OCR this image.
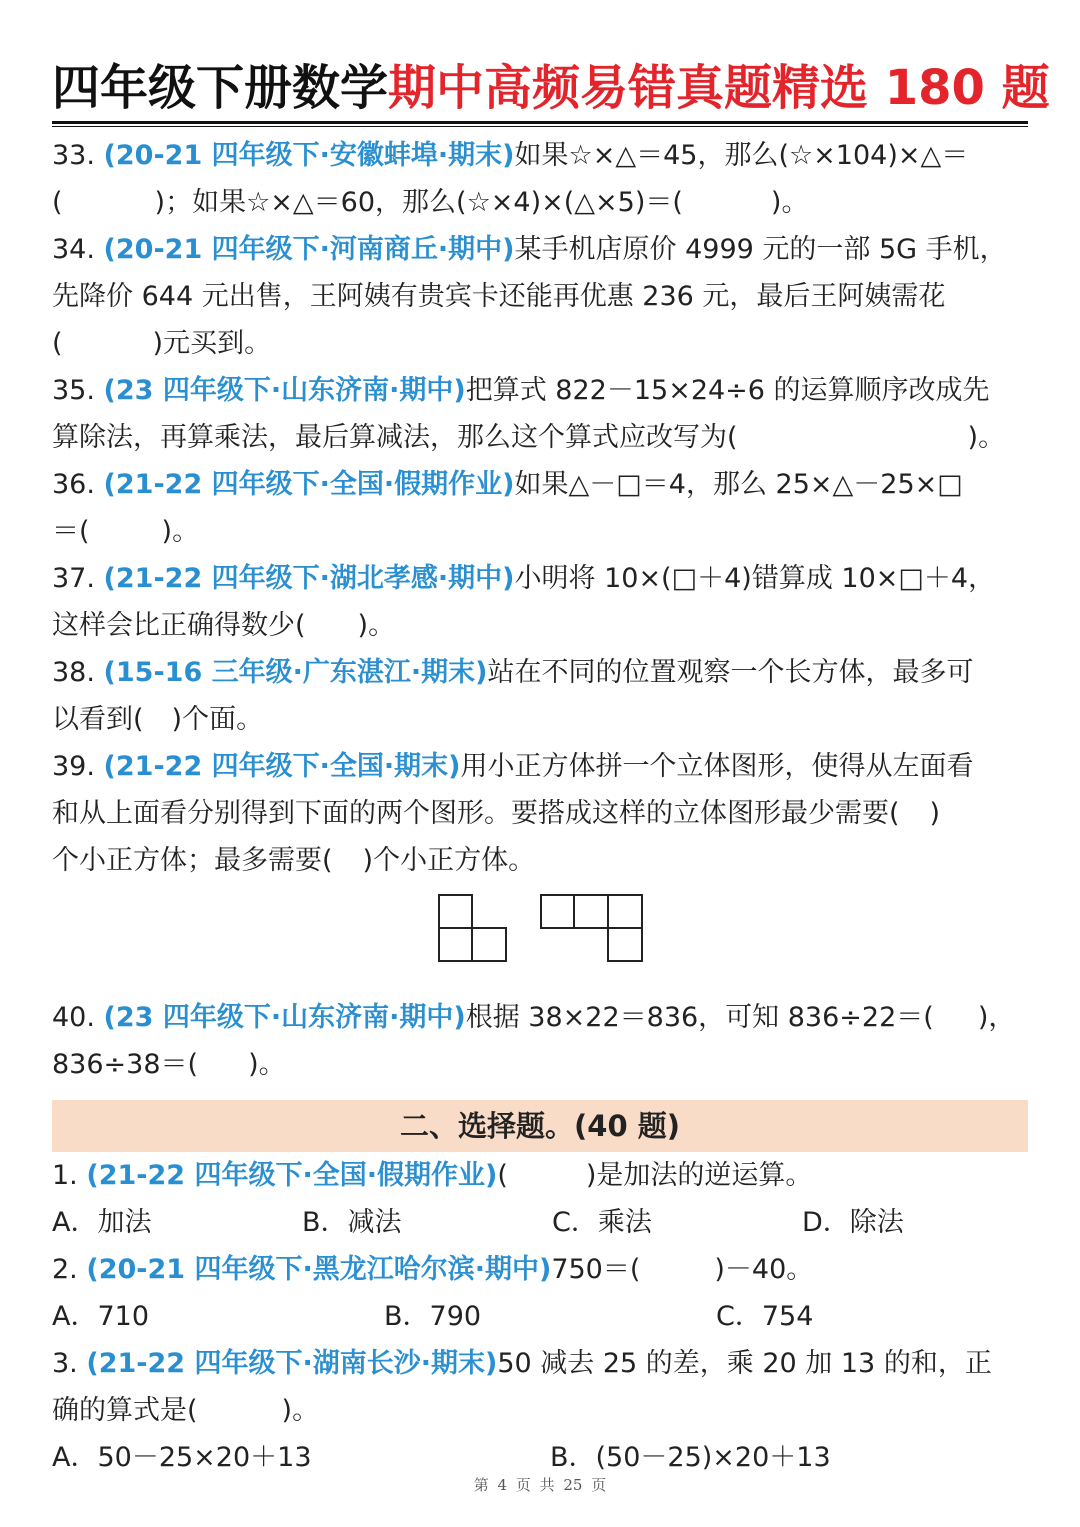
四年级下册数学期中高频易错真题精选 180 题

33. (20-21 四年级下·安徽蚌埠·期末)如果☆×△＝45，那么(☆×104)×△＝

(	)；如果☆×△＝60，那么(☆×4)×(△×5)＝(	)。

34. (20-21 四年级下·河南商丘·期中)某手机店原价 4999 元的一部 5G 手机，

先降价 644 元出售，王阿姨有贵宾卡还能再优惠 236 元，最后王阿姨需花

(	)元买到。

35. (23 四年级下·山东济南·期中)把算式 822－15×24÷6 的运算顺序改成先

算除法，再算乘法，最后算减法，那么这个算式应改写为(	)。

36. (21-22 四年级下·全国·假期作业)如果△－□＝4，那么 25×△－25×□

＝(	)。

37. (21-22 四年级下·湖北孝感·期中)小明将 10×(□＋4)错算成 10×□＋4，

这样会比正确得数少( )。

38. (15-16 三年级·广东湛江·期末)站在不同的位置观察一个长方体，最多可

以看到( )个面。

39. (21-22 四年级下·全国·期末)用小正方体拼一个立体图形，使得从左面看

和从上面看分别得到下面的两个图形。要搭成这样的立体图形最少需要( )

个小正方体；最多需要( )个小正方体。

40. (23 四年级下·山东济南·期中)根据 38×22＝836，可知 836÷22＝( )，

836÷38＝( )。

二、选择题。(40 题)

1. (21-22 四年级下·全国·假期作业)(	)是加法的逆运算。

A．加法	B．减法	C．乘法	D．除法

2. (20-21 四年级下·黑龙江哈尔滨·期中)750＝(	)－40。

A．710	B．790	C．754

3. (21-22 四年级下·湖南长沙·期末)50 减去 25 的差，乘 20 加 13 的和，正

确的算式是(	)。

A．50－25×20＋13	B．(50－25)×20＋13
第 4 页 共 25 页
